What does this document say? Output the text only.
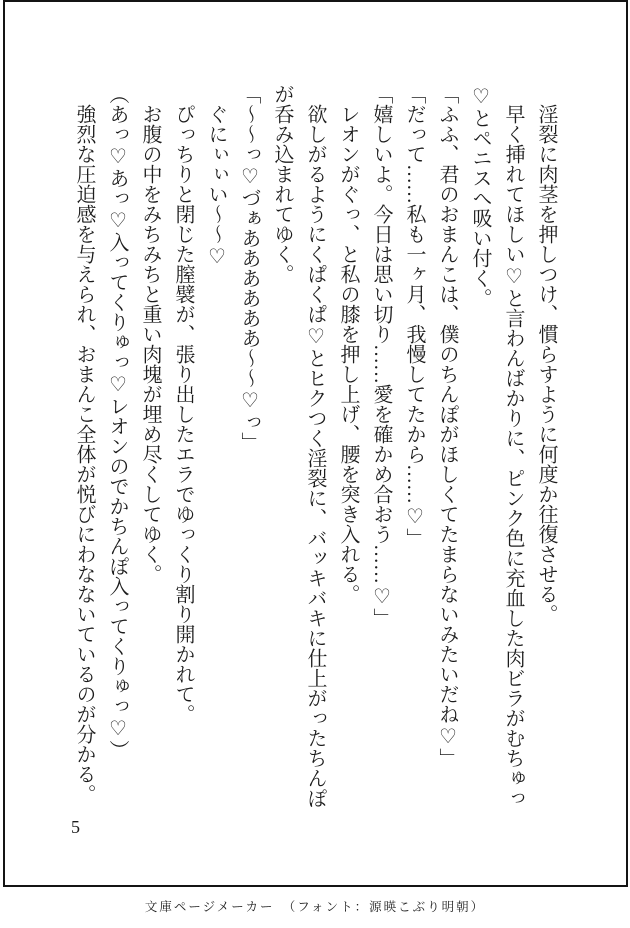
　淫裂に肉茎を押しつけ、慣らすように何度か往復させる。

　早く挿れてほしい♡と言わんばかりに、ピンク色に充血した肉ビラがむちゅっ

♡とペニスへ吸い付く。

「ふふ、君のおまんこは、僕のちんぽがほしくてたまらないみたいだね♡」

「だって……私も一ヶ月、我慢してたから……♡」

「嬉しいよ。今日は思い切り……愛を確かめ合おう……♡」

　レオンがぐっ、と私の膝を押し上げ、腰を突き入れる。

　欲しがるようにくぱくぱ♡とヒクつく淫裂に、バッキバキに仕上がったちんぽ

が呑み込まれてゆく。

「～～っ♡づぁああああああ～～♡っ」

　ぐにぃぃい～～♡

　ぴっちりと閉じた膣襞が、張り出したエラでゆっくり割り開かれて。

　お腹の中をみちみちと重い肉塊が埋め尽くしてゆく。

（あっ♡あっ♡入ってくりゅっ♡レオンのでかちんぽ入ってくりゅっ♡）

　強烈な圧迫感を与えられ、おまんこ全体が悦びにわなないているのが分かる。

5
文庫ページメーカー　（フォント：源暎こぶり明朝）
